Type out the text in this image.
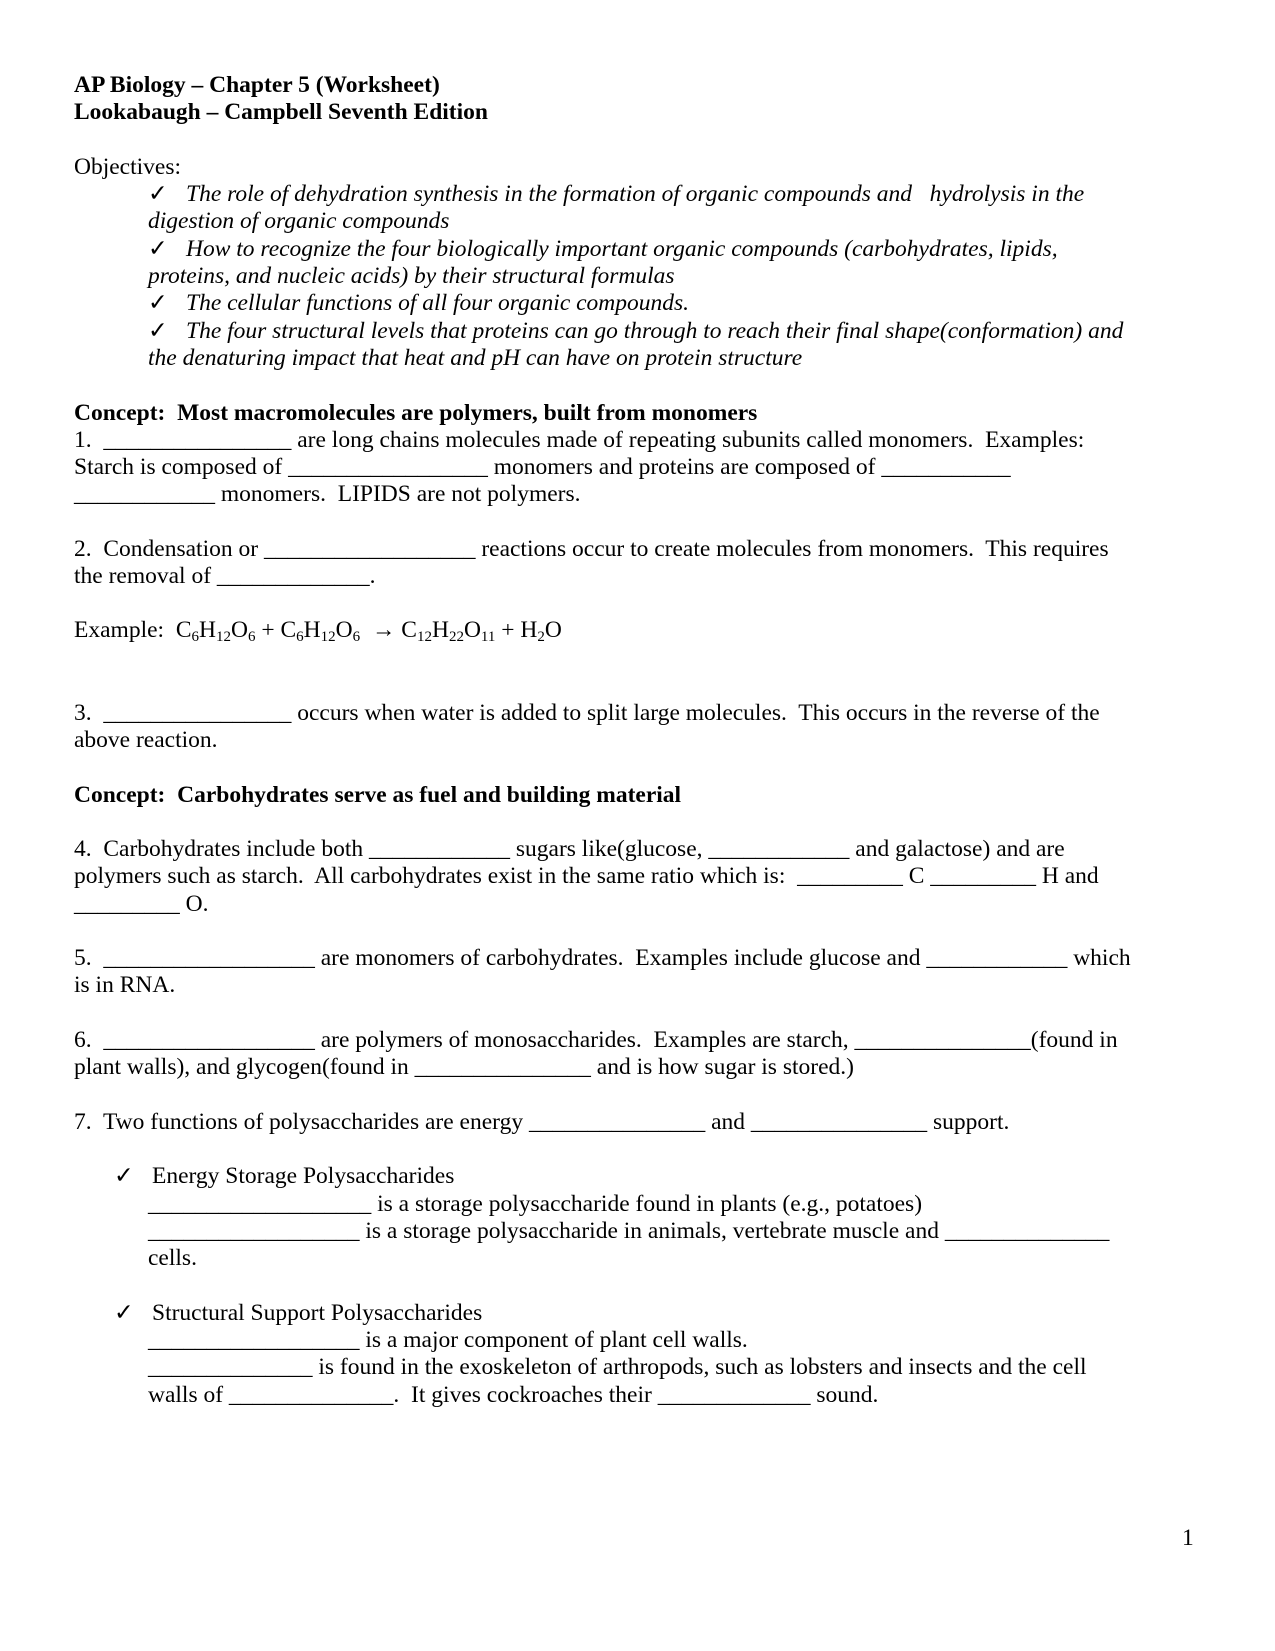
AP Biology – Chapter 5 (Worksheet)
Lookabaugh – Campbell Seventh Edition
Objectives:
✓ The role of dehydration synthesis in the formation of organic compounds and   hydrolysis in the
digestion of organic compounds
✓ How to recognize the four biologically important organic compounds (carbohydrates, lipids,
proteins, and nucleic acids) by their structural formulas
✓ The cellular functions of all four organic compounds.
✓ The four structural levels that proteins can go through to reach their final shape(conformation) and
the denaturing impact that heat and pH can have on protein structure
Concept:  Most macromolecules are polymers, built from monomers
1.  ________________ are long chains molecules made of repeating subunits called monomers.  Examples:
Starch is composed of _________________ monomers and proteins are composed of ___________
____________ monomers.  LIPIDS are not polymers.
2.  Condensation or __________________ reactions occur to create molecules from monomers.  This requires
the removal of _____________.
Example:  $C_6H_{12}O_6 + C_6H_{12}O_6 \to C_{12}H_{22}O_{11} + H_2O$
3.  ________________ occurs when water is added to split large molecules.  This occurs in the reverse of the
above reaction.
Concept:  Carbohydrates serve as fuel and building material
4.  Carbohydrates include both ____________ sugars like(glucose, ____________ and galactose) and are
polymers such as starch.  All carbohydrates exist in the same ratio which is:  _________ C _________ H and
_________ O.
5.  __________________ are monomers of carbohydrates.  Examples include glucose and ____________ which
is in RNA.
6.  __________________ are polymers of monosaccharides.  Examples are starch, _______________(found in
plant walls), and glycogen(found in _______________ and is how sugar is stored.)
7.  Two functions of polysaccharides are energy _______________ and _______________ support.
✓ Energy Storage Polysaccharides
___________________ is a storage polysaccharide found in plants (e.g., potatoes)
__________________ is a storage polysaccharide in animals, vertebrate muscle and ______________
cells.
✓ Structural Support Polysaccharides
__________________ is a major component of plant cell walls.
______________ is found in the exoskeleton of arthropods, such as lobsters and insects and the cell
walls of ______________.  It gives cockroaches their _____________ sound.
1
